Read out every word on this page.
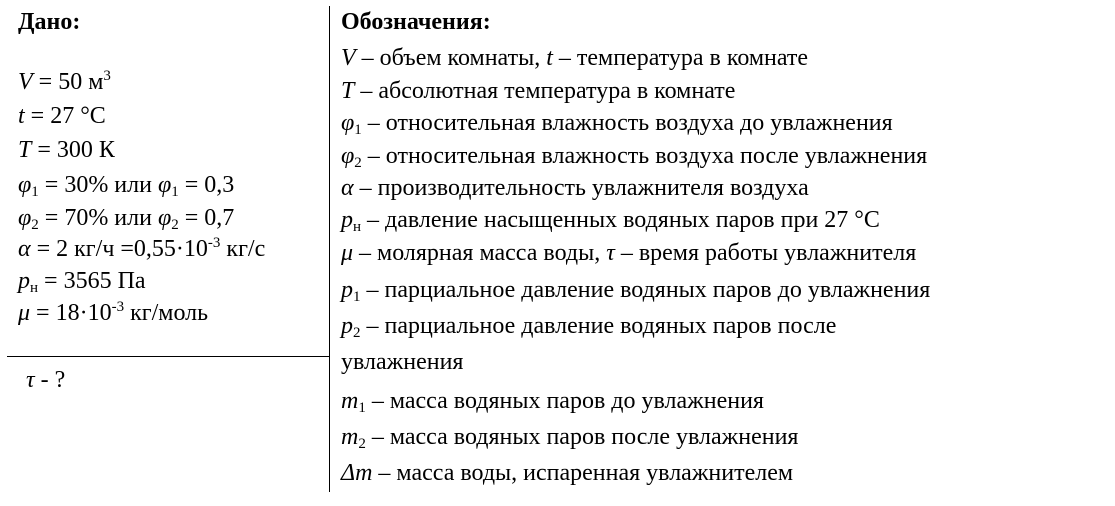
Дано:
V = 50 $м^3$
t = 27 °С
T = 300 К
$\varphi_1 = 30\%$ или $\varphi_1 = 0,3$
$\varphi_2 = 70\%$ или $\varphi_2 = 0,7$
α = 2 $кг/ч =0,55\cdot 10^{-3}$ кг/с
$p_н = 3565$ Па
$\mu = 18\cdot 10^{-3}$ кг/моль
τ - ?
Обозначения:
V – объем комнаты, t – температура в комнате
T – абсолютная температура в комнате
$\varphi_1$ – относительная влажность воздуха до увлажнения
$\varphi_2$ – относительная влажность воздуха после увлажнения
α – производительность увлажнителя воздуха
$p_н$ – давление насыщенных водяных паров при 27 °С
μ – молярная масса воды, τ – время работы увлажнителя
$p_1$ – парциальное давление водяных паров до увлажнения
$p_2$ – парциальное давление водяных паров после
увлажнения
$m_1$ – масса водяных паров до увлажнения
$m_2$ – масса водяных паров после увлажнения
Δm – масса воды, испаренная увлажнителем
